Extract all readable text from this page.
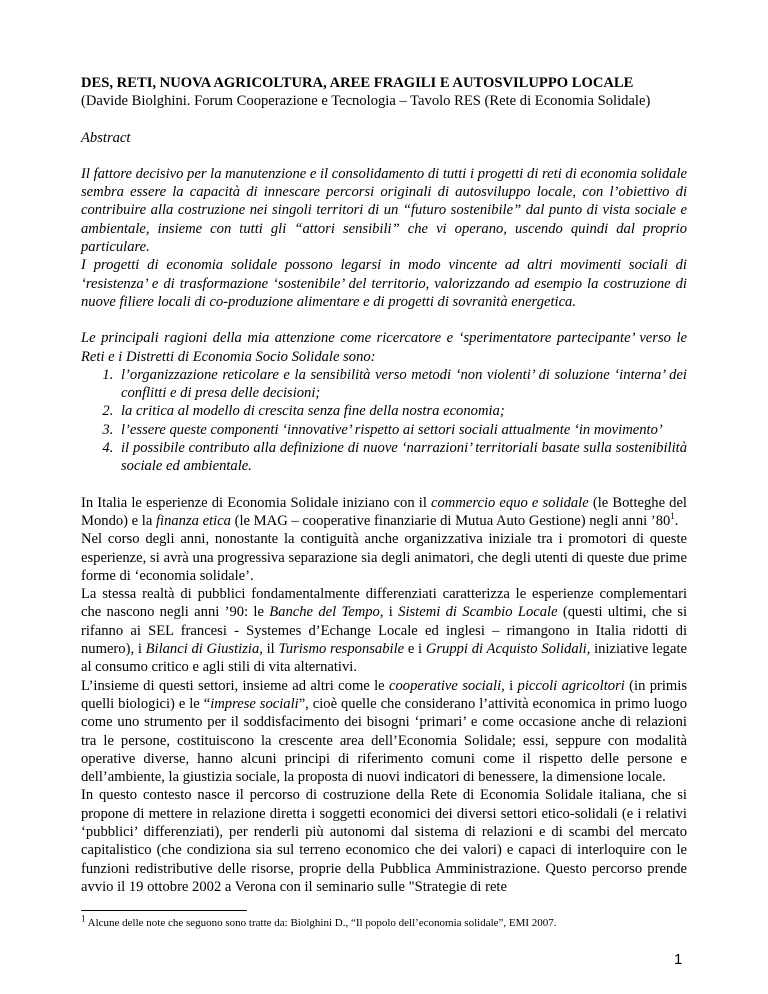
DES, RETI, NUOVA AGRICOLTURA, AREE FRAGILI E AUTOSVILUPPO LOCALE

(Davide Biolghini. Forum Cooperazione e Tecnologia – Tavolo RES (Rete di Economia Solidale)

Abstract

Il fattore decisivo per la manutenzione e il consolidamento di tutti i progetti di reti di economia solidale sembra essere la capacità di innescare percorsi originali di autosviluppo locale, con l’obiettivo di contribuire alla costruzione nei singoli territori di un “futuro sostenibile” dal punto di vista sociale e ambientale, insieme con tutti gli “attori sensibili” che vi operano, uscendo quindi dal proprio particulare.

I progetti di economia solidale possono legarsi in modo vincente ad altri movimenti sociali di ‘resistenza’ e di trasformazione ‘sostenibile’ del territorio, valorizzando ad esempio la costruzione di nuove filiere locali di co-produzione alimentare e di progetti di sovranità energetica.

Le principali ragioni della mia attenzione come ricercatore e ‘sperimentatore partecipante’ verso le Reti e i Distretti di Economia Socio Solidale sono:

1. l’organizzazione reticolare e la sensibilità verso metodi ‘non violenti’ di soluzione ‘interna’ dei conflitti e di presa delle decisioni;
2. la critica al modello di crescita senza fine della nostra economia;
3. l’essere queste componenti ‘innovative’ rispetto ai settori sociali attualmente ‘in movimento’
4. il possibile contributo alla definizione di nuove ‘narrazioni’ territoriali basate sulla sostenibilità sociale ed ambientale.

In Italia le esperienze di Economia Solidale iniziano con il commercio equo e solidale (le Botteghe del Mondo) e la finanza etica (le MAG – cooperative finanziarie di Mutua Auto Gestione) negli anni $’80^1$.

Nel corso degli anni, nonostante la contiguità anche organizzativa iniziale tra i promotori di queste esperienze, si avrà una progressiva separazione sia degli animatori, che degli utenti di queste due prime forme di ‘economia solidale’.

La stessa realtà di pubblici fondamentalmente differenziati caratterizza le esperienze complementari che nascono negli anni ’90: le Banche del Tempo, i Sistemi di Scambio Locale (questi ultimi, che si rifanno ai SEL francesi - Systemes d’Echange Locale ed inglesi – rimangono in Italia ridotti di numero), i Bilanci di Giustizia, il Turismo responsabile e i Gruppi di Acquisto Solidali, iniziative legate al consumo critico e agli stili di vita alternativi.

L’insieme di questi settori, insieme ad altri come le cooperative sociali, i piccoli agricoltori (in primis quelli biologici) e le “imprese sociali”, cioè quelle che considerano l’attività economica in primo luogo come uno strumento per il soddisfacimento dei bisogni ‘primari’ e come occasione anche di relazioni tra le persone, costituiscono la crescente area dell’Economia Solidale; essi, seppure con modalità operative diverse, hanno alcuni principi di riferimento comuni come il rispetto delle persone e dell’ambiente, la giustizia sociale, la proposta di nuovi indicatori di benessere, la dimensione locale.

In questo contesto nasce il percorso di costruzione della Rete di Economia Solidale italiana, che si propone di mettere in relazione diretta i soggetti economici dei diversi settori etico-solidali (e i relativi ‘pubblici’ differenziati), per renderli più autonomi dal sistema di relazioni e di scambi del mercato capitalistico (che condiziona sia sul terreno economico che dei valori) e capaci di interloquire con le funzioni redistributive delle risorse, proprie della Pubblica Amministrazione. Questo percorso prende avvio il 19 ottobre 2002 a Verona con il seminario sulle "Strategie di rete

$^1$ Alcune delle note che seguono sono tratte da: Biolghini D., “Il popolo dell’economia solidale”, EMI 2007.
1
